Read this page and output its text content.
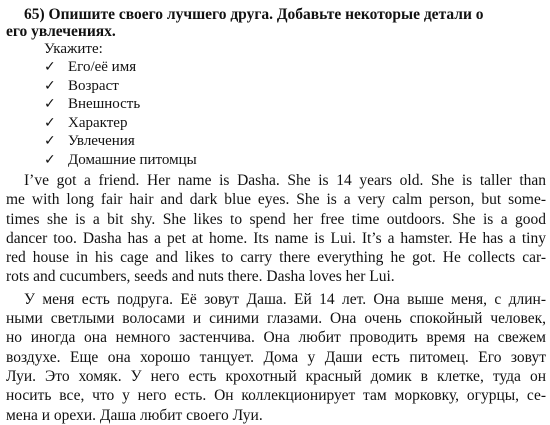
65) Опишите своего лучшего друга. Добавьте некоторые детали о
его увлечениях.
Укажите:
✓ Его/её имя
✓ Возраст
✓ Внешность
✓ Характер
✓ Увлечения
✓ Домашние питомцы
I’ve got a friend. Her name is Dasha. She is 14 years old. She is taller than
me with long fair hair and dark blue eyes. She is a very calm person, but some-
times she is a bit shy. She likes to spend her free time outdoors. She is a good
dancer too. Dasha has a pet at home. Its name is Lui. It’s a hamster. He has a tiny
red house in his cage and likes to carry there everything he got. He collects car-
rots and cucumbers, seeds and nuts there. Dasha loves her Lui.
У меня есть подруга. Её зовут Даша. Ей 14 лет. Она выше меня, с длин-
ными светлыми волосами и синими глазами. Она очень спокойный человек,
но иногда она немного застенчива. Она любит проводить время на свежем
воздухе. Еще она хорошо танцует. Дома у Даши есть питомец. Его зовут
Луи. Это хомяк. У него есть крохотный красный домик в клетке, туда он
носить все, что у него есть. Он коллекционирует там морковку, огурцы, се-
мена и орехи. Даша любит своего Луи.
